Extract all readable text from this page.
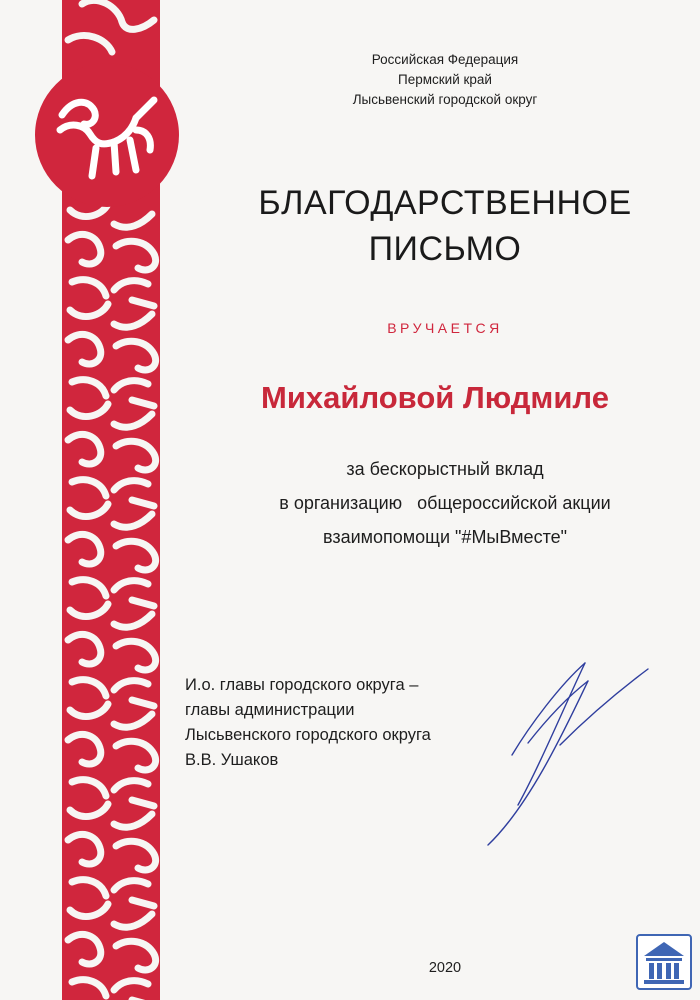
Российская Федерация
Пермский край
Лысьвенский городской округ
БЛАГОДАРСТВЕННОЕ
ПИСЬМО
ВРУЧАЕТСЯ
Михайловой Людмиле
за бескорыстный вклад
в организацию   общероссийской акции
взаимопомощи "#МыВместе"
И.о. главы городского округа –
главы администрации
Лысьвенского городского округа
В.В. Ушаков
2020
